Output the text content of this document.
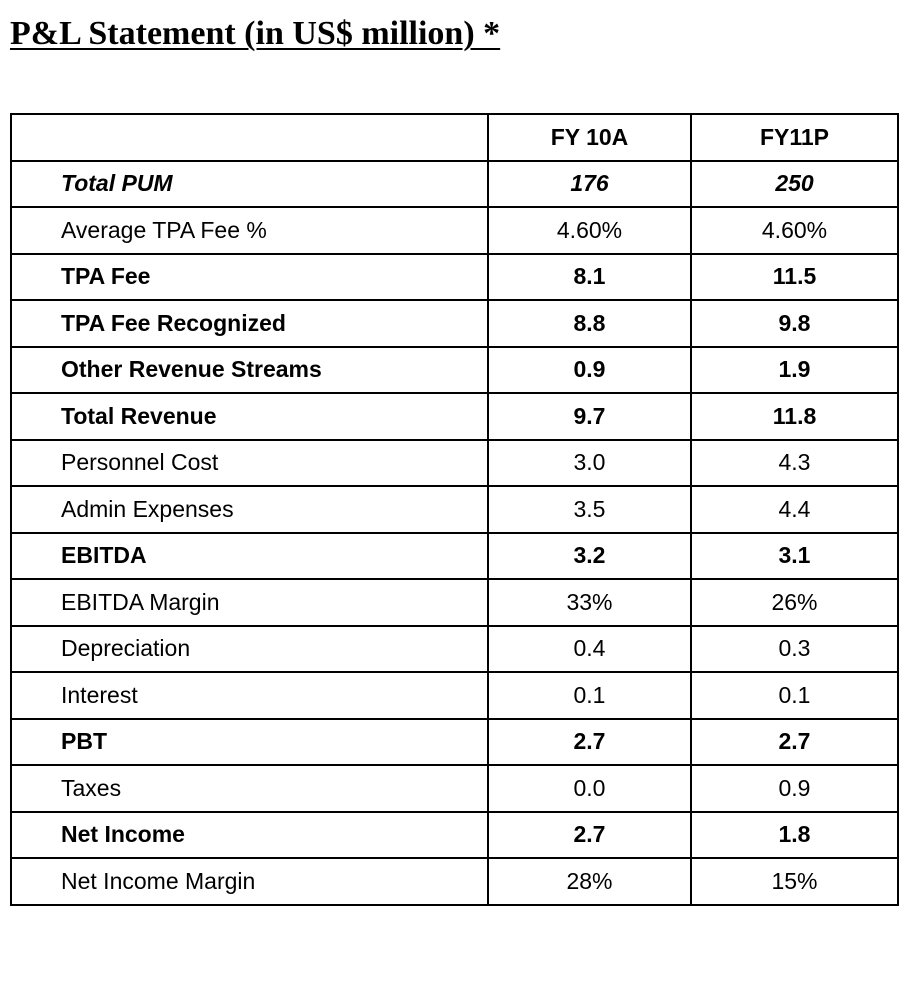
P&L Statement (in US$ million) *
	FY 10A	FY11P
Total PUM	176	250
Average TPA Fee %	4.60%	4.60%
TPA Fee	8.1	11.5
TPA Fee Recognized	8.8	9.8
Other Revenue Streams	0.9	1.9
Total Revenue	9.7	11.8
Personnel Cost	3.0	4.3
Admin Expenses	3.5	4.4
EBITDA	3.2	3.1
EBITDA Margin	33%	26%
Depreciation	0.4	0.3
Interest	0.1	0.1
PBT	2.7	2.7
Taxes	0.0	0.9
Net Income	2.7	1.8
Net Income Margin	28%	15%
